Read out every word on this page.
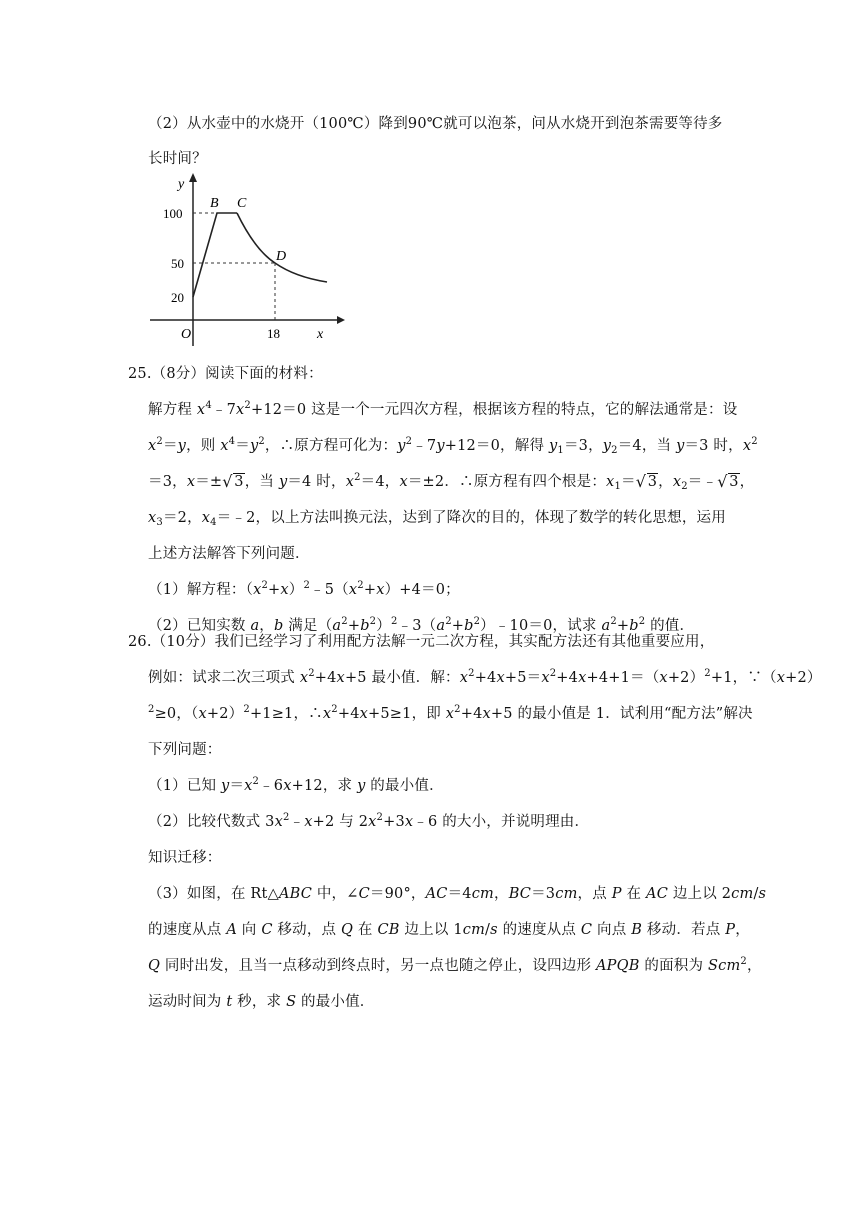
（2）从水壶中的水烧开（100℃）降到90℃就可以泡茶，问从水烧开到泡茶需要等待多
长时间？
y
x
O
100
50
20
18
B C
D
25.（8分）阅读下面的材料：
解方程 $x^4﹣7x^2+12=0$ 这是一个一元四次方程，根据该方程的特点，它的解法通常是：设
$x^2=y$，则 $x^4=y^2$，∴原方程可化为：$y^2﹣7y+12=0$，解得 $y_1=3$，$y_2=4$，当 y＝3 时，$x^2$
＝3，x＝±√ 3，当 y＝4 时，$x^2=4$，x＝±2．∴原方程有四个根是：$x_1=√$ 3，$x_2=﹣√$ 3，
$x_3=2$，$x_4=﹣2$，以上方法叫换元法，达到了降次的目的，体现了数学的转化思想，运用
上述方法解答下列问题．
（1）解方程：$(x^2+x)^2﹣5(x^2+x)+4=0$；
（2）已知实数 a，b 满足$(a^2+b^2)^2﹣3(a^2+b^2)﹣10=0$，试求 $a^2+b^2$ 的值．
26.（10分）我们已经学习了利用配方法解一元二次方程，其实配方法还有其他重要应用，
例如：试求二次三项式 $x^2+4x+5$ 最小值．解：$x^2+4x+5=x^2+4x+4+1=(x+2)^2+1$，∵（x+2）
$^2$≥0，$(x+2)^2+1\ge 1$，$\therefore x^2+4x+5\ge 1$，即 $x^2+4x+5$ 的最小值是 1．试利用“配方法”解决
下列问题：
（1）已知 $y=x^2﹣6x+12$，求 y 的最小值．
（2）比较代数式 $3x^2﹣x+2$ 与 $2x^2+3x﹣6$ 的大小，并说明理由．
知识迁移：
（3）如图，在 Rt△ABC 中，∠C＝90°，AC＝4cm，BC＝3cm，点 P 在 AC 边上以 2cm/s
的速度从点 A 向 C 移动，点 Q 在 CB 边上以 1cm/s 的速度从点 C 向点 B 移动．若点 P，
Q 同时出发，且当一点移动到终点时，另一点也随之停止，设四边形 APQB 的面积为 Scm$^2$，
运动时间为 t 秒，求 S 的最小值．
